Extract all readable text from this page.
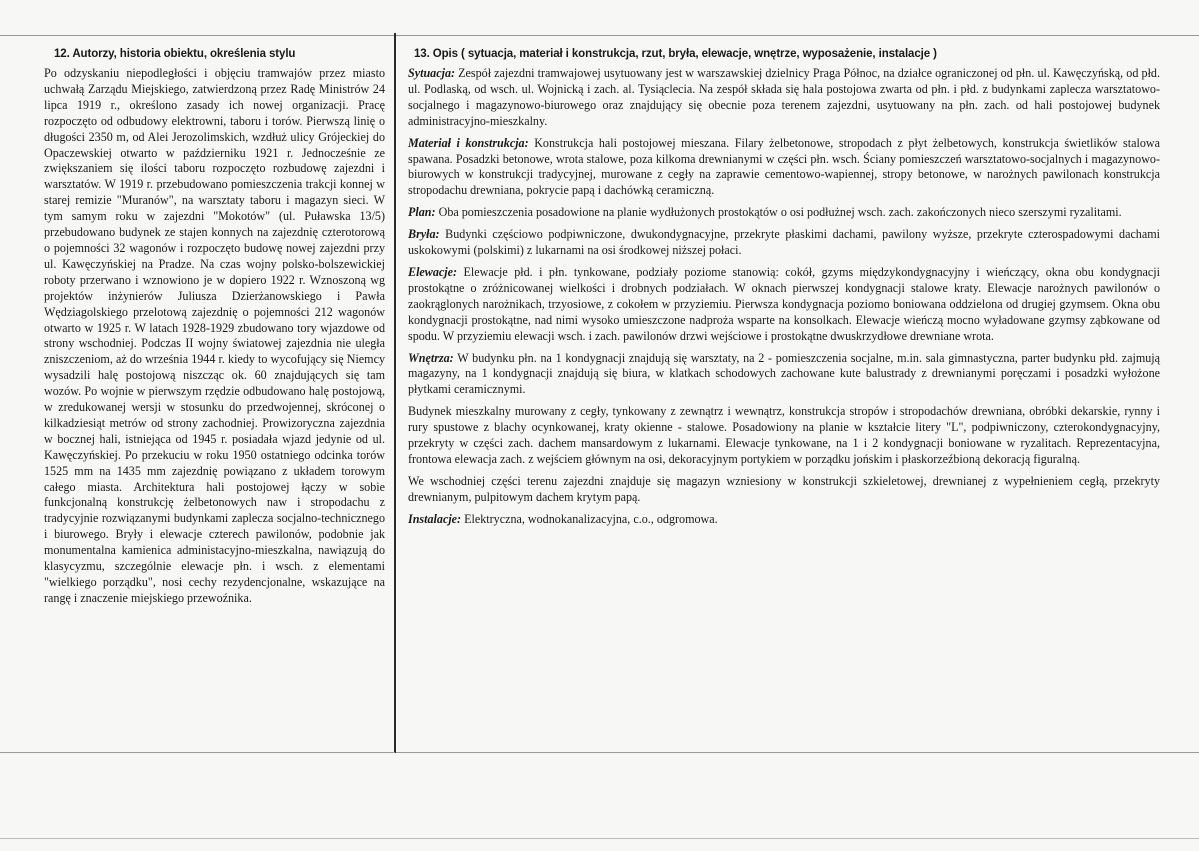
12. Autorzy, historia obiektu, określenia stylu

Po odzyskaniu niepodległości i objęciu tramwajów przez miasto uchwałą Zarządu Miejskiego, zatwierdzoną przez Radę Ministrów 24 lipca 1919 r., określono zasady ich nowej organizacji. Pracę rozpoczęto od odbudowy elektrowni, taboru i torów. Pierwszą linię o długości 2350 m, od Alei Jerozolimskich, wzdłuż ulicy Grójeckiej do Opaczewskiej otwarto w październiku 1921 r. Jednocześnie ze zwiększaniem się ilości taboru rozpoczęto rozbudowę zajezdni i warsztatów. W 1919 r. przebudowano pomieszczenia trakcji konnej w starej remizie "Muranów", na warsztaty taboru i magazyn sieci. W tym samym roku w zajezdni "Mokotów" (ul. Puławska 13/5) przebudowano budynek ze stajen konnych na zajezdnię czterotorową o pojemności 32 wagonów i rozpoczęto budowę nowej zajezdni przy ul. Kawęczyńskiej na Pradze. Na czas wojny polsko-bolszewickiej roboty przerwano i wznowiono je w dopiero 1922 r. Wznoszoną wg projektów inżynierów Juliusza Dzierżanowskiego i Pawła Wędziagolskiego przelotową zajezdnię o pojemności 212 wagonów otwarto w 1925 r. W latach 1928-1929 zbudowano tory wjazdowe od strony wschodniej. Podczas II wojny światowej zajezdnia nie uległa zniszczeniom, aż do września 1944 r. kiedy to wycofujący się Niemcy wysadzili halę postojową niszcząc ok. 60 znajdujących się tam wozów. Po wojnie w pierwszym rzędzie odbudowano halę postojową, w zredukowanej wersji w stosunku do przedwojennej, skróconej o kilkadziesiąt metrów od strony zachodniej. Prowizoryczna zajezdnia w bocznej hali, istniejąca od 1945 r. posiadała wjazd jedynie od ul. Kawęczyńskiej. Po przekuciu w roku 1950 ostatniego odcinka torów 1525 mm na 1435 mm zajezdnię powiązano z układem torowym całego miasta. Architektura hali postojowej łączy w sobie funkcjonalną konstrukcję żelbetonowych naw i stropodachu z tradycyjnie rozwiązanymi budynkami zaplecza socjalno-technicznego i biurowego. Bryły i elewacje czterech pawilonów, podobnie jak monumentalna kamienica administacyjno-mieszkalna, nawiązują do klasycyzmu, szczególnie elewacje płn. i wsch. z elementami "wielkiego porządku", nosi cechy rezydencjonalne, wskazujące na rangę i znaczenie miejskiego przewoźnika.

13. Opis ( sytuacja, materiał i konstrukcja, rzut, bryła, elewacje, wnętrze, wyposażenie, instalacje )

Sytuacja: Zespół zajezdni tramwajowej usytuowany jest w warszawskiej dzielnicy Praga Północ, na działce ograniczonej od płn. ul. Kawęczyńską, od płd. ul. Podlaską, od wsch. ul. Wojnicką i zach. al. Tysiąclecia. Na zespół składa się hala postojowa zwarta od płn. i płd. z budynkami zaplecza warsztatowo-socjalnego i magazynowo-biurowego oraz znajdujący się obecnie poza terenem zajezdni, usytuowany na płn. zach. od hali postojowej budynek administracyjno-mieszkalny.

Materiał i konstrukcja: Konstrukcja hali postojowej mieszana. Filary żelbetonowe, stropodach z płyt żelbetowych, konstrukcja świetlików stalowa spawana. Posadzki betonowe, wrota stalowe, poza kilkoma drewnianymi w części płn. wsch. Ściany pomieszczeń warsztatowo-socjalnych i magazynowo-biurowych w konstrukcji tradycyjnej, murowane z cegły na zaprawie cementowo-wapiennej, stropy betonowe, w narożnych pawilonach konstrukcja stropodachu drewniana, pokrycie papą i dachówką ceramiczną.

Plan: Oba pomieszczenia posadowione na planie wydłużonych prostokątów o osi podłużnej wsch. zach. zakończonych nieco szerszymi ryzalitami.

Bryła: Budynki częściowo podpiwniczone, dwukondygnacyjne, przekryte płaskimi dachami, pawilony wyższe, przekryte czterospadowymi dachami uskokowymi (polskimi) z lukarnami na osi środkowej niższej połaci.

Elewacje: Elewacje płd. i płn. tynkowane, podziały poziome stanowią: cokół, gzyms międzykondygnacyjny i wieńczący, okna obu kondygnacji prostokątne o zróżnicowanej wielkości i drobnych podziałach. W oknach pierwszej kondygnacji stalowe kraty. Elewacje narożnych pawilonów o zaokrąglonych narożnikach, trzyosiowe, z cokołem w przyziemiu. Pierwsza kondygnacja poziomo boniowana oddzielona od drugiej gzymsem. Okna obu kondygnacji prostokątne, nad nimi wysoko umieszczone nadproża wsparte na konsolkach. Elewacje wieńczą mocno wyładowane gzymsy ząbkowane od spodu. W przyziemiu elewacji wsch. i zach. pawilonów drzwi wejściowe i prostokątne dwuskrzydłowe drewniane wrota.

Wnętrza: W budynku płn. na 1 kondygnacji znajdują się warsztaty, na 2 - pomieszczenia socjalne, m.in. sala gimnastyczna, parter budynku płd. zajmują magazyny, na 1 kondygnacji znajdują się biura, w klatkach schodowych zachowane kute balustrady z drewnianymi poręczami i posadzki wyłożone płytkami ceramicznymi.

Budynek mieszkalny murowany z cegły, tynkowany z zewnątrz i wewnątrz, konstrukcja stropów i stropodachów drewniana, obróbki dekarskie, rynny i rury spustowe z blachy ocynkowanej, kraty okienne - stalowe. Posadowiony na planie w kształcie litery "L", podpiwniczony, czterokondygnacyjny, przekryty w części zach. dachem mansardowym z lukarnami. Elewacje tynkowane, na 1 i 2 kondygnacji boniowane w ryzalitach. Reprezentacyjna, frontowa elewacja zach. z wejściem głównym na osi, dekoracyjnym portykiem w porządku jońskim i płaskorzeźbioną dekoracją figuralną.

We wschodniej części terenu zajezdni znajduje się magazyn wzniesiony w konstrukcji szkieletowej, drewnianej z wypełnieniem cegłą, przekryty drewnianym, pulpitowym dachem krytym papą.

Instalacje: Elektryczna, wodnokanalizacyjna, c.o., odgromowa.
